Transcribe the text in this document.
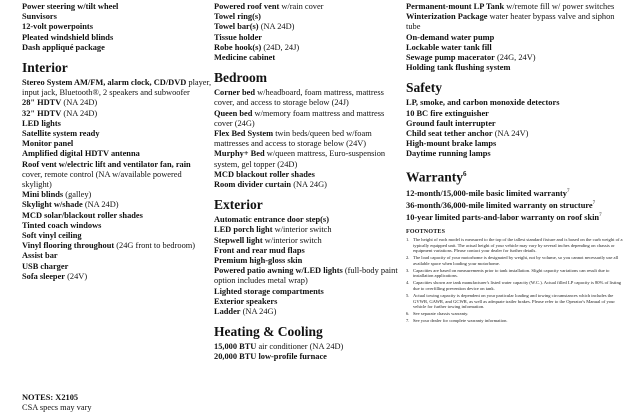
Power steering w/tilt wheel
Sunvisors
12-volt powerpoints
Pleated windshield blinds
Dash appliqué package
Interior
Stereo System AM/FM, alarm clock, CD/DVD player, input jack, Bluetooth®, 2 speakers and subwoofer
28" HDTV (NA 24D)
32" HDTV (NA 24D)
LED lights
Satellite system ready
Monitor panel
Amplified digital HDTV antenna
Roof vent w/electric lift and ventilator fan, rain cover, remote control (NA w/available powered skylight)
Mini blinds (galley)
Skylight w/shade (NA 24D)
MCD solar/blackout roller shades
Tinted coach windows
Soft vinyl ceiling
Vinyl flooring throughout (24G front to bedroom)
Assist bar
USB charger
Sofa sleeper (24V)
Powered roof vent w/rain cover
Towel ring(s)
Towel bar(s) (NA 24D)
Tissue holder
Robe hook(s) (24D, 24J)
Medicine cabinet
Bedroom
Corner bed w/headboard, foam mattress, mattress cover, and access to storage below (24J)
Queen bed w/memory foam mattress and mattress cover (24G)
Flex Bed System twin beds/queen bed w/foam mattresses and access to storage below (24V)
Murphy+ Bed w/queen mattress, Euro-suspension system, gel topper (24D)
MCD blackout roller shades
Room divider curtain (NA 24G)
Exterior
Automatic entrance door step(s)
LED porch light w/interior switch
Stepwell light w/interior switch
Front and rear mud flaps
Premium high-gloss skin
Powered patio awning w/LED lights (full-body paint option includes metal wrap)
Lighted storage compartments
Exterior speakers
Ladder (NA 24G)
Heating & Cooling
15,000 BTU air conditioner (NA 24D)
20,000 BTU low-profile furnace
Permanent-mount LP Tank w/remote fill w/ power switches
Winterization Package water heater bypass valve and siphon tube
On-demand water pump
Lockable water tank fill
Sewage pump macerator (24G, 24V)
Holding tank flushing system
Safety
LP, smoke, and carbon monoxide detectors
10 BC fire extinguisher
Ground fault interrupter
Child seat tether anchor (NA 24V)
High-mount brake lamps
Daytime running lamps
Warranty$^6$
12-month/15,000-mile basic limited warranty$^7$
36-month/36,000-mile limited warranty on structure$^7$
10-year limited parts-and-labor warranty on roof skin$^7$
FOOTNOTES
1. The height of each model is measured to the top of the tallest standard fixture and is based on the curb weight of a typically equipped unit. The actual height of your vehicle may vary by several inches depending on chassis or equipment variations. Please contact your dealer for further details.
2. The load capacity of your motorhome is designated by weight, not by volume, so you cannot necessarily use all available space when loading your motorhome.
3. Capacities are based on measurements prior to tank installation. Slight capacity variations can result due to installation applications.
4. Capacities shown are tank manufacturer's listed water capacity (W.C.). Actual filled LP capacity is 80% of listing due to overfilling prevention device on tank.
5. Actual towing capacity is dependent on your particular loading and towing circumstances which includes the GVWR, GAWR, and GCWR, as well as adequate trailer brakes. Please refer to the Operator's Manual of your vehicle for further towing information.
6. See separate chassis warranty.
7. See your dealer for complete warranty information.
NOTES: X2105
CSA specs may vary
